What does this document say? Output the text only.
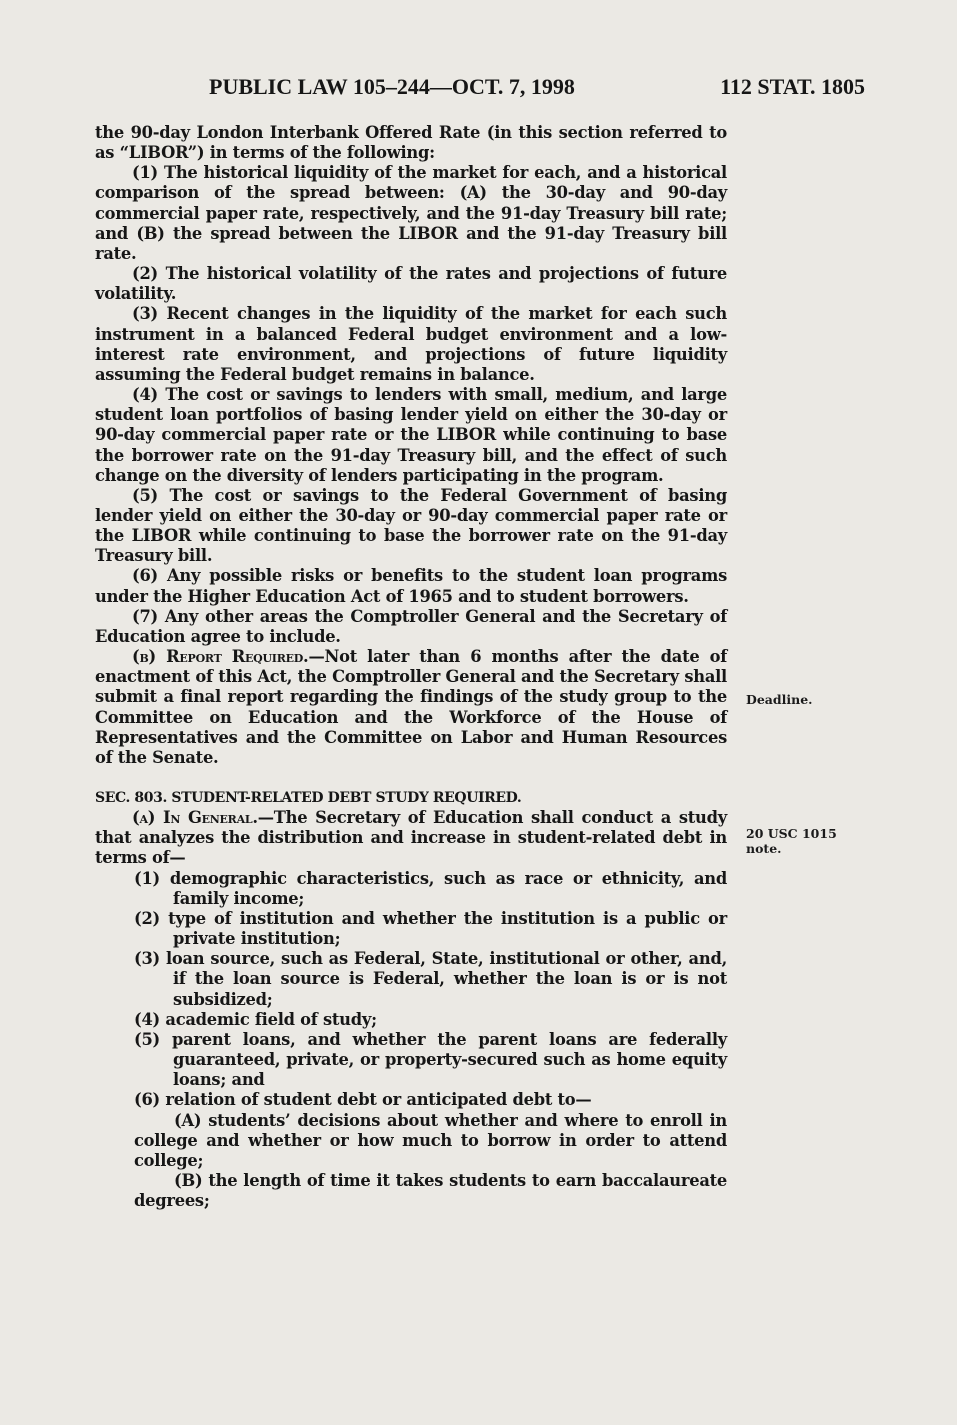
PUBLIC LAW 105–244—OCT. 7, 1998	112 STAT. 1805

the 90-day London Interbank Offered Rate (in this section referred to as “LIBOR”) in terms of the following:

(1) The historical liquidity of the market for each, and a historical comparison of the spread between: (A) the 30-day and 90-day commercial paper rate, respectively, and the 91-day Treasury bill rate; and (B) the spread between the LIBOR and the 91-day Treasury bill rate.

(2) The historical volatility of the rates and projections of future volatility.

(3) Recent changes in the liquidity of the market for each such instrument in a balanced Federal budget environment and a low-interest rate environment, and projections of future liquidity assuming the Federal budget remains in balance.

(4) The cost or savings to lenders with small, medium, and large student loan portfolios of basing lender yield on either the 30-day or 90-day commercial paper rate or the LIBOR while continuing to base the borrower rate on the 91-day Treasury bill, and the effect of such change on the diversity of lenders participating in the program.

(5) The cost or savings to the Federal Government of basing lender yield on either the 30-day or 90-day commercial paper rate or the LIBOR while continuing to base the borrower rate on the 91-day Treasury bill.

(6) Any possible risks or benefits to the student loan programs under the Higher Education Act of 1965 and to student borrowers.

(7) Any other areas the Comptroller General and the Secretary of Education agree to include.

(b) Report Required.—Not later than 6 months after the date of enactment of this Act, the Comptroller General and the Secretary shall submit a final report regarding the findings of the study group to the Committee on Education and the Workforce of the House of Representatives and the Committee on Labor and Human Resources of the Senate.

SEC. 803. STUDENT-RELATED DEBT STUDY REQUIRED.

(a) In General.—The Secretary of Education shall conduct a study that analyzes the distribution and increase in student-related debt in terms of—

(1) demographic characteristics, such as race or ethnicity, and family income;

(2) type of institution and whether the institution is a public or private institution;

(3) loan source, such as Federal, State, institutional or other, and, if the loan source is Federal, whether the loan is or is not subsidized;

(4) academic field of study;

(5) parent loans, and whether the parent loans are federally guaranteed, private, or property-secured such as home equity loans; and

(6) relation of student debt or anticipated debt to—

(A) students’ decisions about whether and where to enroll in college and whether or how much to borrow in order to attend college;

(B) the length of time it takes students to earn baccalaureate degrees;

Deadline.
20 USC 1015 note.
